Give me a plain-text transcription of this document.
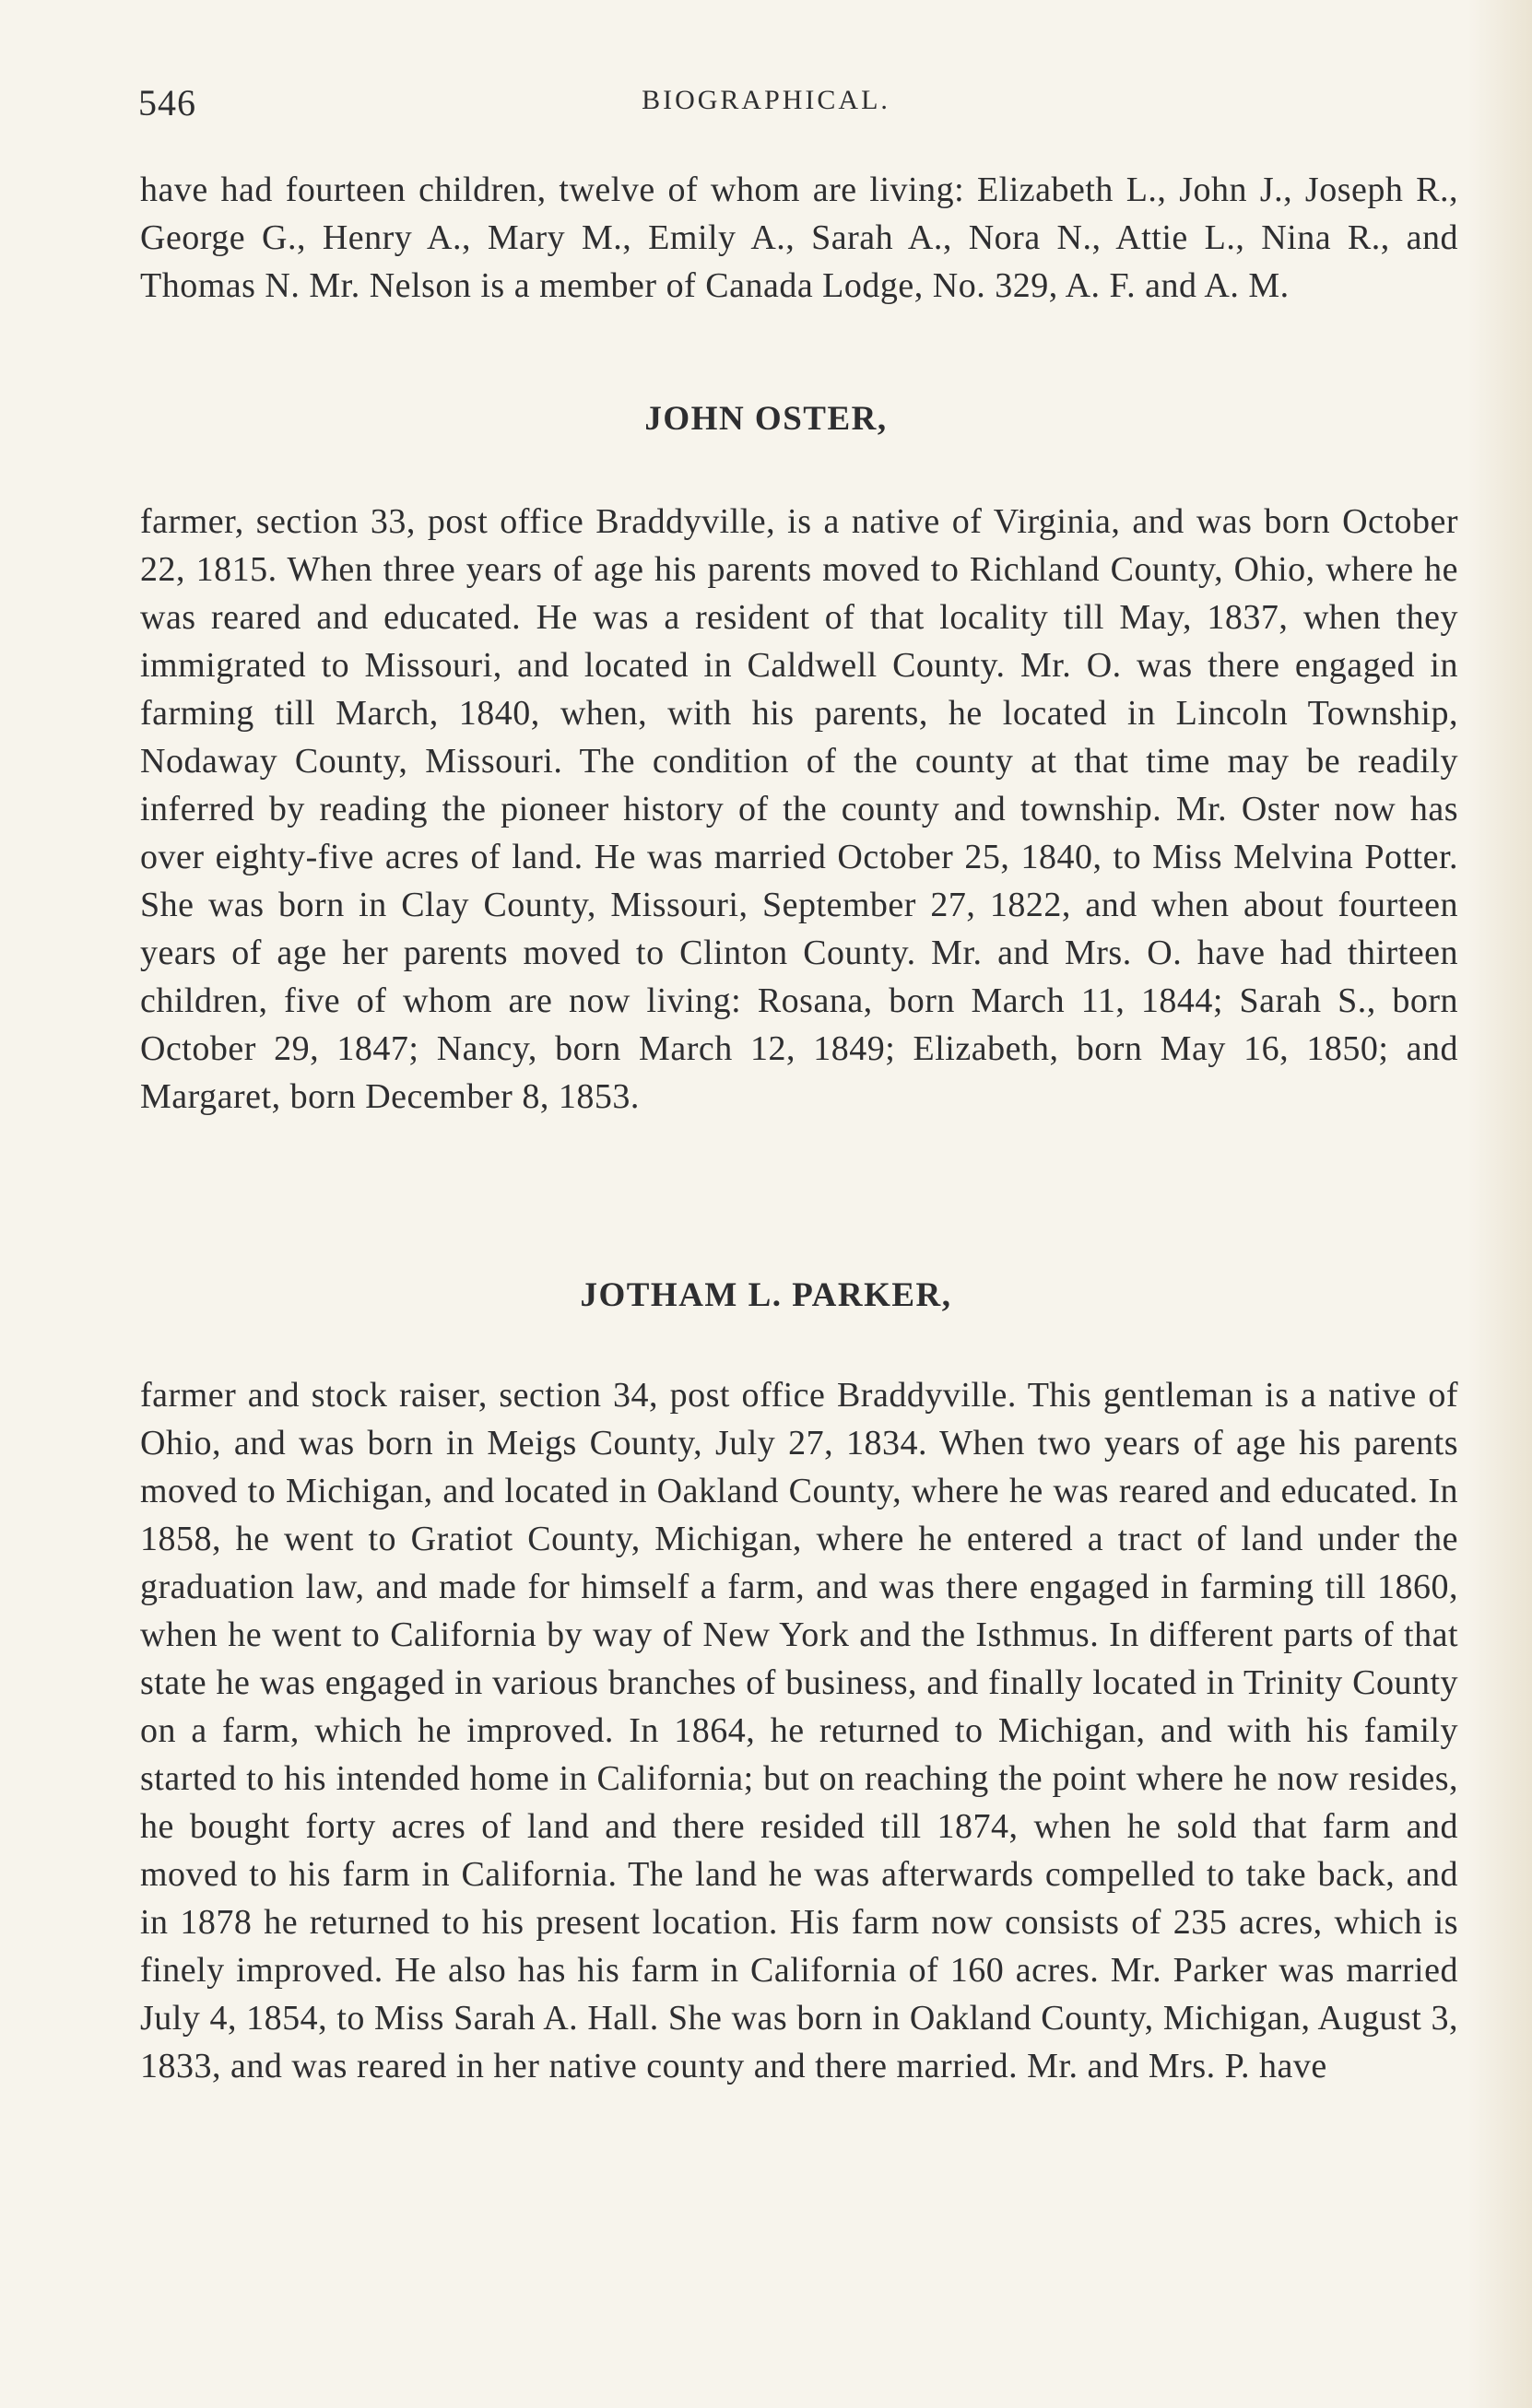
546	BIOGRAPHICAL.

have had fourteen children, twelve of whom are living: Elizabeth L., John J., Joseph R., George G., Henry A., Mary M., Emily A., Sarah A., Nora N., Attie L., Nina R., and Thomas N. Mr. Nelson is a member of Canada Lodge, No. 329, A. F. and A. M.

JOHN OSTER,

farmer, section 33, post office Braddyville, is a native of Virginia, and was born October 22, 1815. When three years of age his parents moved to Richland County, Ohio, where he was reared and educated. He was a resident of that locality till May, 1837, when they immigrated to Missouri, and located in Caldwell County. Mr. O. was there engaged in farming till March, 1840, when, with his parents, he located in Lincoln Township, Nodaway County, Missouri. The condition of the county at that time may be readily inferred by reading the pioneer history of the county and township. Mr. Oster now has over eighty-five acres of land. He was married October 25, 1840, to Miss Melvina Potter. She was born in Clay County, Missouri, September 27, 1822, and when about fourteen years of age her parents moved to Clinton County. Mr. and Mrs. O. have had thirteen children, five of whom are now living: Rosana, born March 11, 1844; Sarah S., born October 29, 1847; Nancy, born March 12, 1849; Elizabeth, born May 16, 1850; and Margaret, born December 8, 1853.

JOTHAM L. PARKER,

farmer and stock raiser, section 34, post office Braddyville. This gentleman is a native of Ohio, and was born in Meigs County, July 27, 1834. When two years of age his parents moved to Michigan, and located in Oakland County, where he was reared and educated. In 1858, he went to Gratiot County, Michigan, where he entered a tract of land under the graduation law, and made for himself a farm, and was there engaged in farming till 1860, when he went to California by way of New York and the Isthmus. In different parts of that state he was engaged in various branches of business, and finally located in Trinity County on a farm, which he improved. In 1864, he returned to Michigan, and with his family started to his intended home in California; but on reaching the point where he now resides, he bought forty acres of land and there resided till 1874, when he sold that farm and moved to his farm in California. The land he was afterwards compelled to take back, and in 1878 he returned to his present location. His farm now consists of 235 acres, which is finely improved. He also has his farm in California of 160 acres. Mr. Parker was married July 4, 1854, to Miss Sarah A. Hall. She was born in Oakland County, Michigan, August 3, 1833, and was reared in her native county and there married. Mr. and Mrs. P. have
